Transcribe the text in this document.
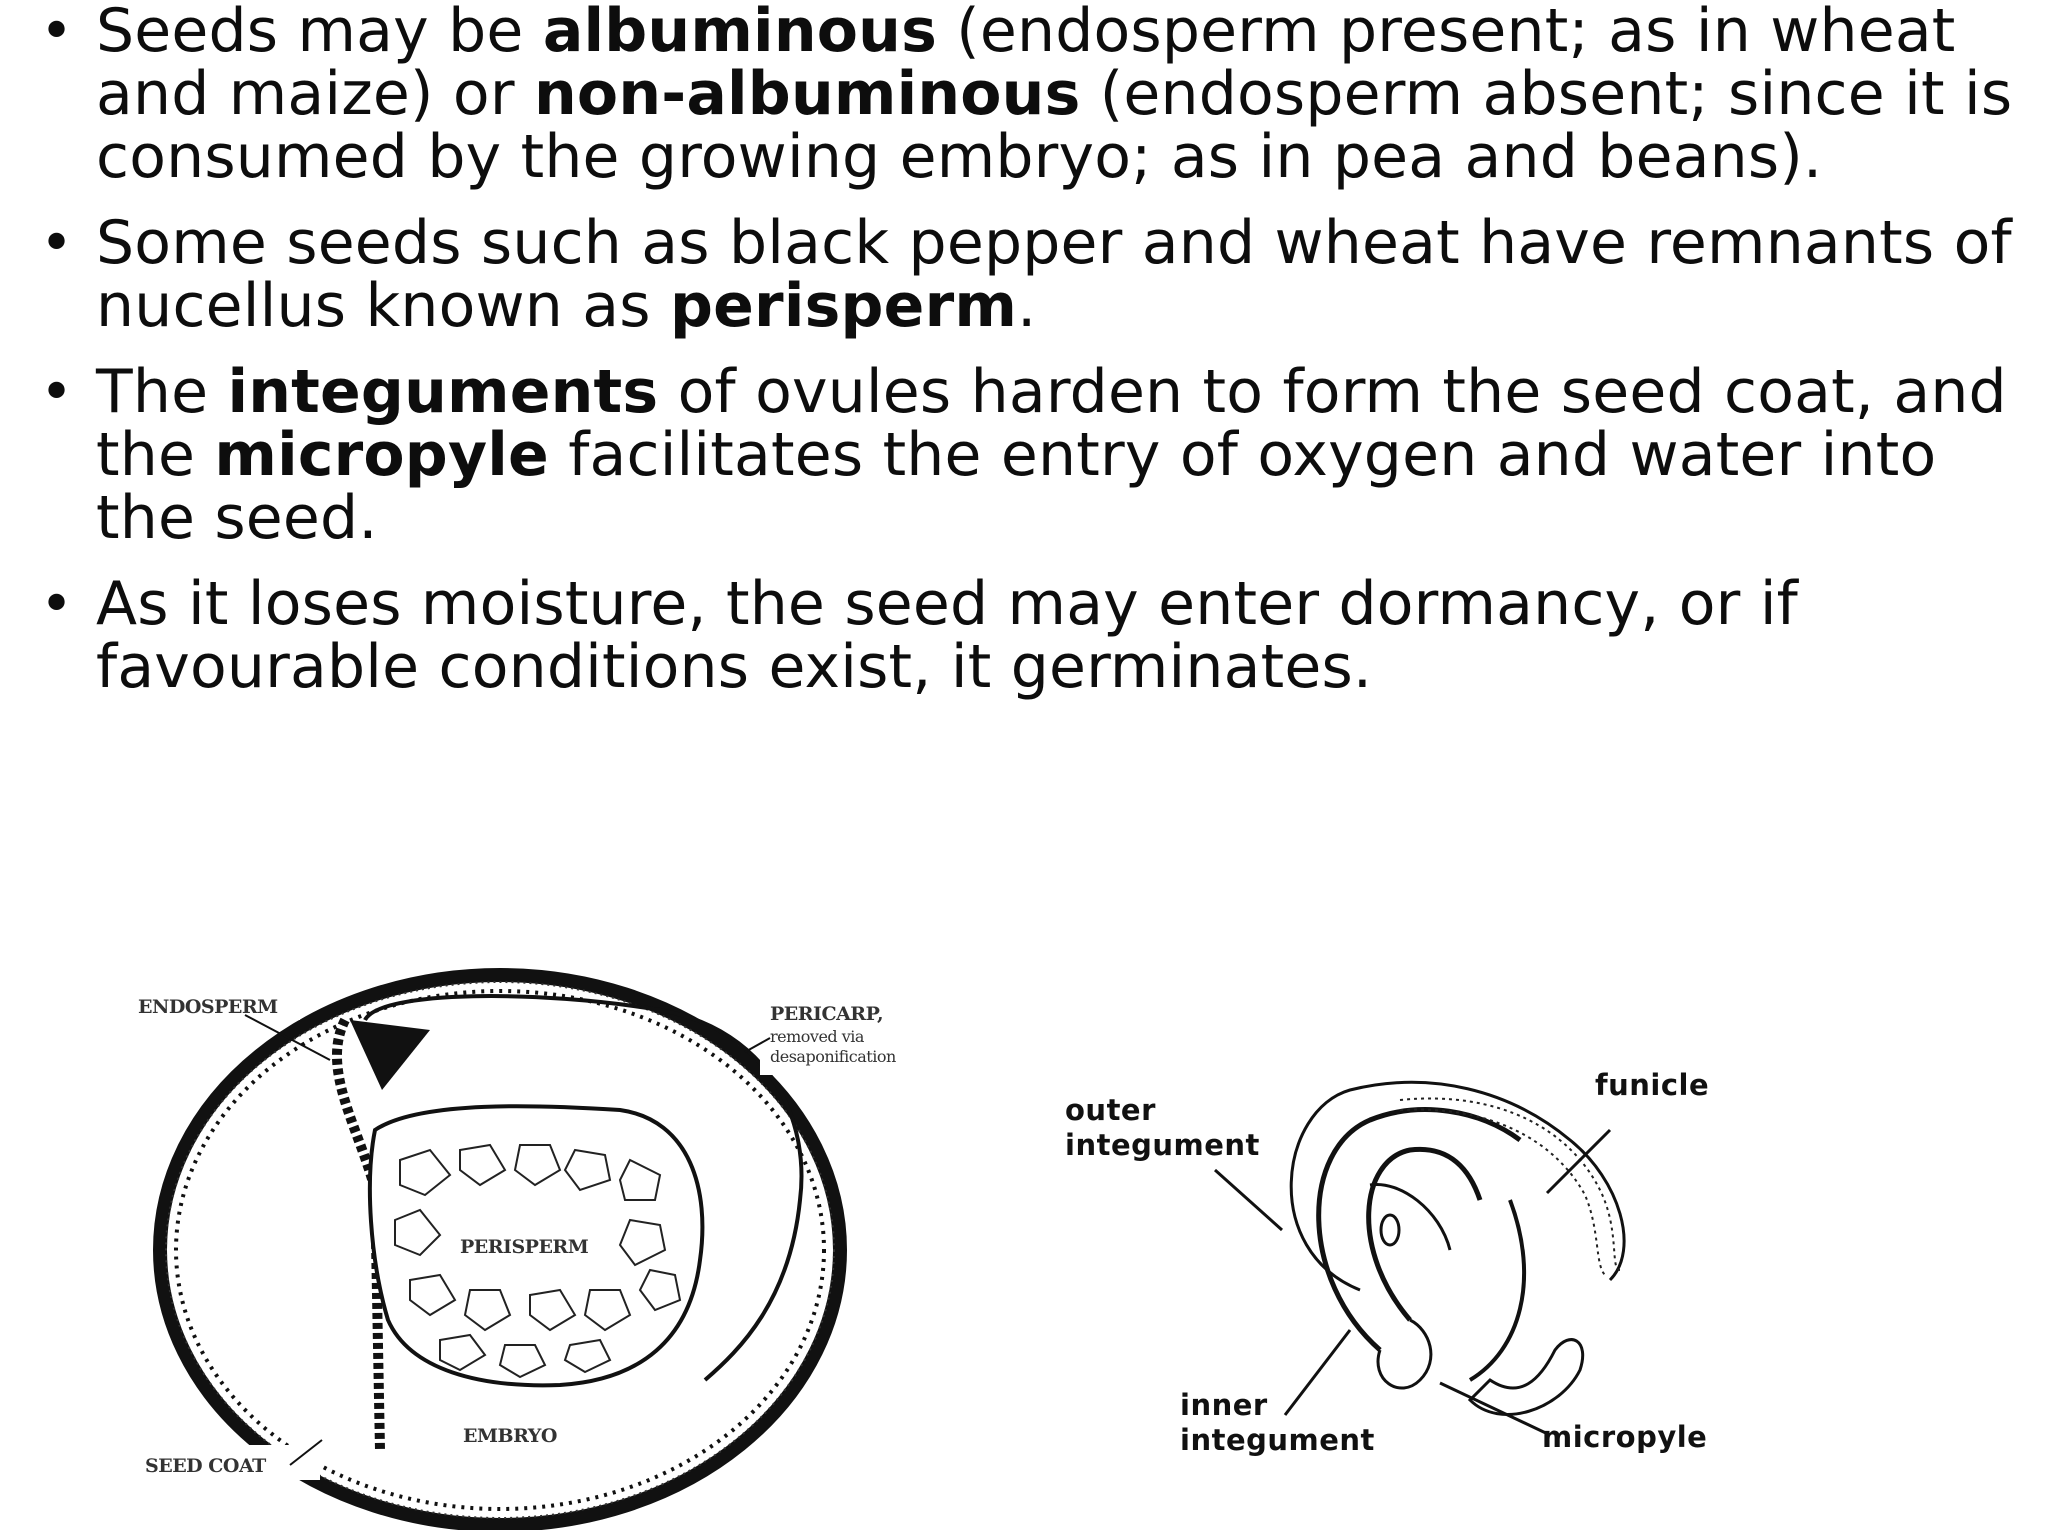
• Seeds may be albuminous (endosperm present; as in wheat and maize) or non-albuminous (endosperm absent; since it is consumed by the growing embryo; as in pea and beans).
• Some seeds such as black pepper and wheat have remnants of nucellus known as perisperm.
• The integuments of ovules harden to form the seed coat, and the micropyle facilitates the entry of oxygen and water into the seed.
• As it loses moisture, the seed may enter dormancy, or if favourable conditions exist, it germinates.
PERISPERM
ENDOSPERM	PERICARP,
removed via
desaponification
EMBRYO
SEED COAT
outer
integument
funicle
inner
integument	micropyle
